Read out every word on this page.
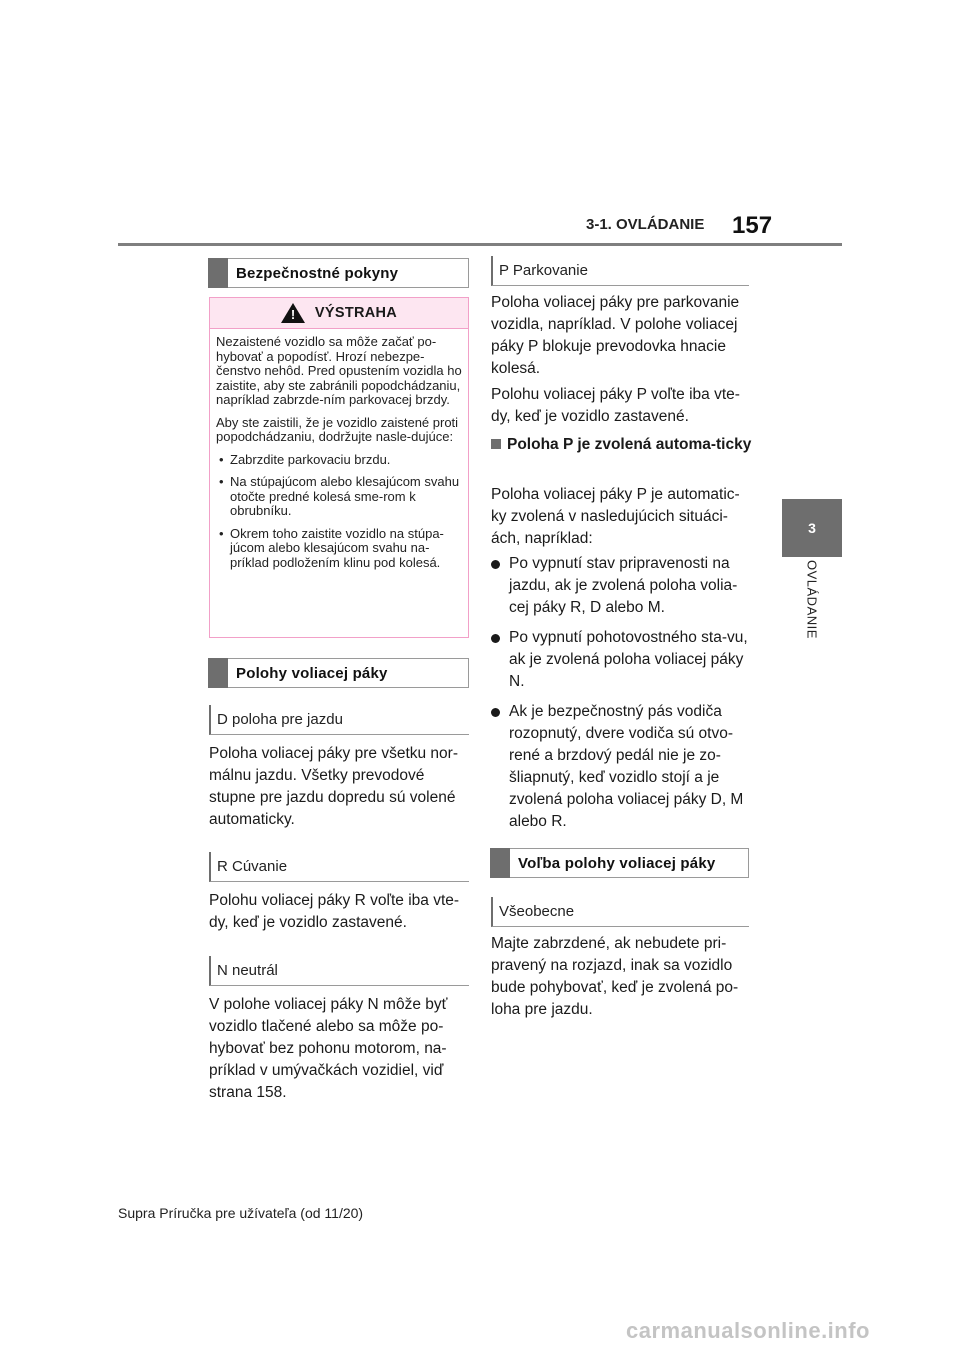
3-1. OVLÁDANIE 157
3
OVLÁDANIE
Bezpečnostné pokyny
! VÝSTRAHA

Nezaistené vozidlo sa môže začať po-hybovať a popodísť. Hrozí nebezpe-čenstvo nehôd. Pred opustením vozidla ho zaistite, aby ste zabránili popodchádzaniu, napríklad zabrzde-ním parkovacej brzdy.

Aby ste zaistili, že je vozidlo zaistené proti popodchádzaniu, dodržujte nasle-dujúce:

• Zabrzdite parkovaciu brzdu.
• Na stúpajúcom alebo klesajúcom svahu otočte predné kolesá sme-rom k obrubníku.
• Okrem toho zaistite vozidlo na stúpa-júcom alebo klesajúcom svahu na-príklad podložením klinu pod kolesá.
Polohy voliacej páky
D poloha pre jazdu
Poloha voliacej páky pre všetku nor-málnu jazdu. Všetky prevodové stupne pre jazdu dopredu sú volené automaticky.
R Cúvanie
Polohu voliacej páky R voľte iba vte-dy, keď je vozidlo zastavené.
N neutrál
V polohe voliacej páky N môže byť vozidlo tlačené alebo sa môže po-hybovať bez pohonu motorom, na-príklad v umývačkách vozidiel, viď strana 158.
P Parkovanie
Poloha voliacej páky pre parkovanie vozidla, napríklad. V polohe voliacej páky P blokuje prevodovka hnacie kolesá.
Polohu voliacej páky P voľte iba vte-dy, keď je vozidlo zastavené.
Poloha P je zvolená automa-ticky
Poloha voliacej páky P je automatic-ky zvolená v nasledujúcich situáci-ách, napríklad:
Po vypnutí stav pripravenosti na jazdu, ak je zvolená poloha volia-cej páky R, D alebo M.
Po vypnutí pohotovostného sta-vu, ak je zvolená poloha voliacej páky N.
Ak je bezpečnostný pás vodiča rozopnutý, dvere vodiča sú otvo-rené a brzdový pedál nie je zo-šliapnutý, keď vozidlo stojí a je zvolená poloha voliacej páky D, M alebo R.
Voľba polohy voliacej páky
Všeobecne
Majte zabrzdené, ak nebudete pri-pravený na rozjazd, inak sa vozidlo bude pohybovať, keď je zvolená po-loha pre jazdu.
Supra Príručka pre užívateľa (od 11/20)
carmanualsonline.info
